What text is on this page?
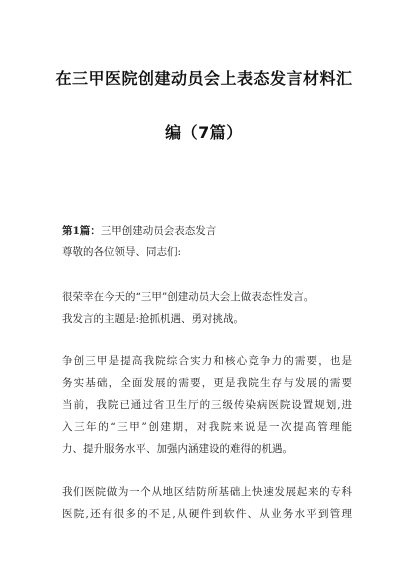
在三甲医院创建动员会上表态发言材料汇
编（7篇）
第1篇：三甲创建动员会表态发言
尊敬的各位领导、同志们:
很荣幸在今天的“三甲”创建动员大会上做表态性发言。
我发言的主题是:抢抓机遇、勇对挑战。
争创三甲是提高我院综合实力和核心竞争力的需要，也是
务实基础，全面发展的需要，更是我院生存与发展的需要
当前，我院已通过省卫生厅的三级传染病医院设置规划,进
入三年的“三甲”创建期，对我院来说是一次提高管理能
力、提升服务水平、加强内涵建设的难得的机遇。
我们医院做为一个从地区结防所基础上快速发展起来的专科
医院,还有很多的不足,从硬件到软件、从业务水平到管理
